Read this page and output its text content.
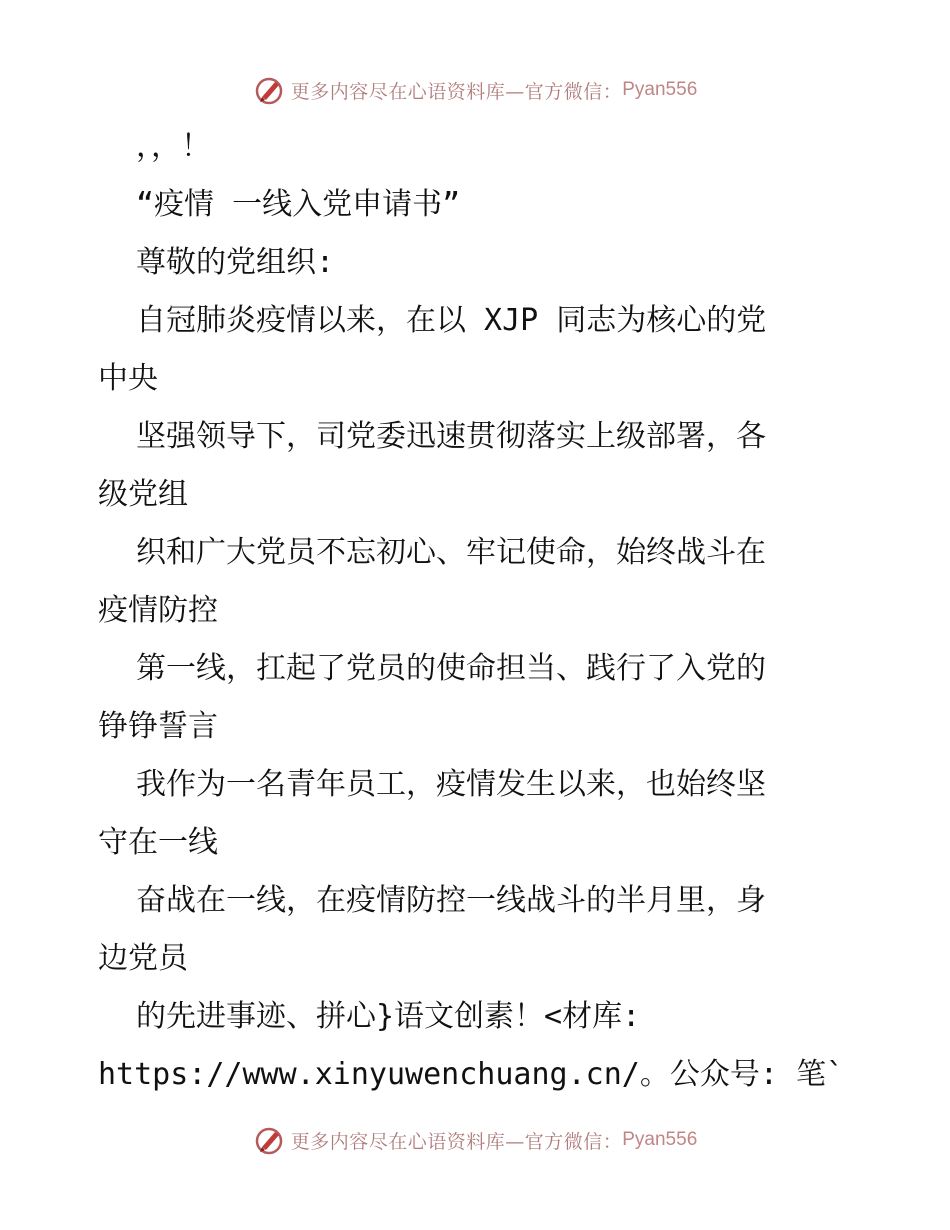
更多内容尽在心语资料库—官方微信： Pyan556
，，！
“疫情 一线入党申请书”
尊敬的党组织:
自冠肺炎疫情以来，在以 XJP 同志为核心的党
中央
坚强领导下，司党委迅速贯彻落实上级部署，各
级党组
织和广大党员不忘初心、牢记使命，始终战斗在
疫情防控
第一线，扛起了党员的使命担当、践行了入党的
铮铮誓言
我作为一名青年员工，疫情发生以来，也始终坚
守在一线
奋战在一线，在疫情防控一线战斗的半月里，身
边党员
的先进事迹、拼心}语文创素！<材库:
https://www.xinyuwenchuang.cn/。公众号: 笔`
更多内容尽在心语资料库—官方微信： Pyan556
